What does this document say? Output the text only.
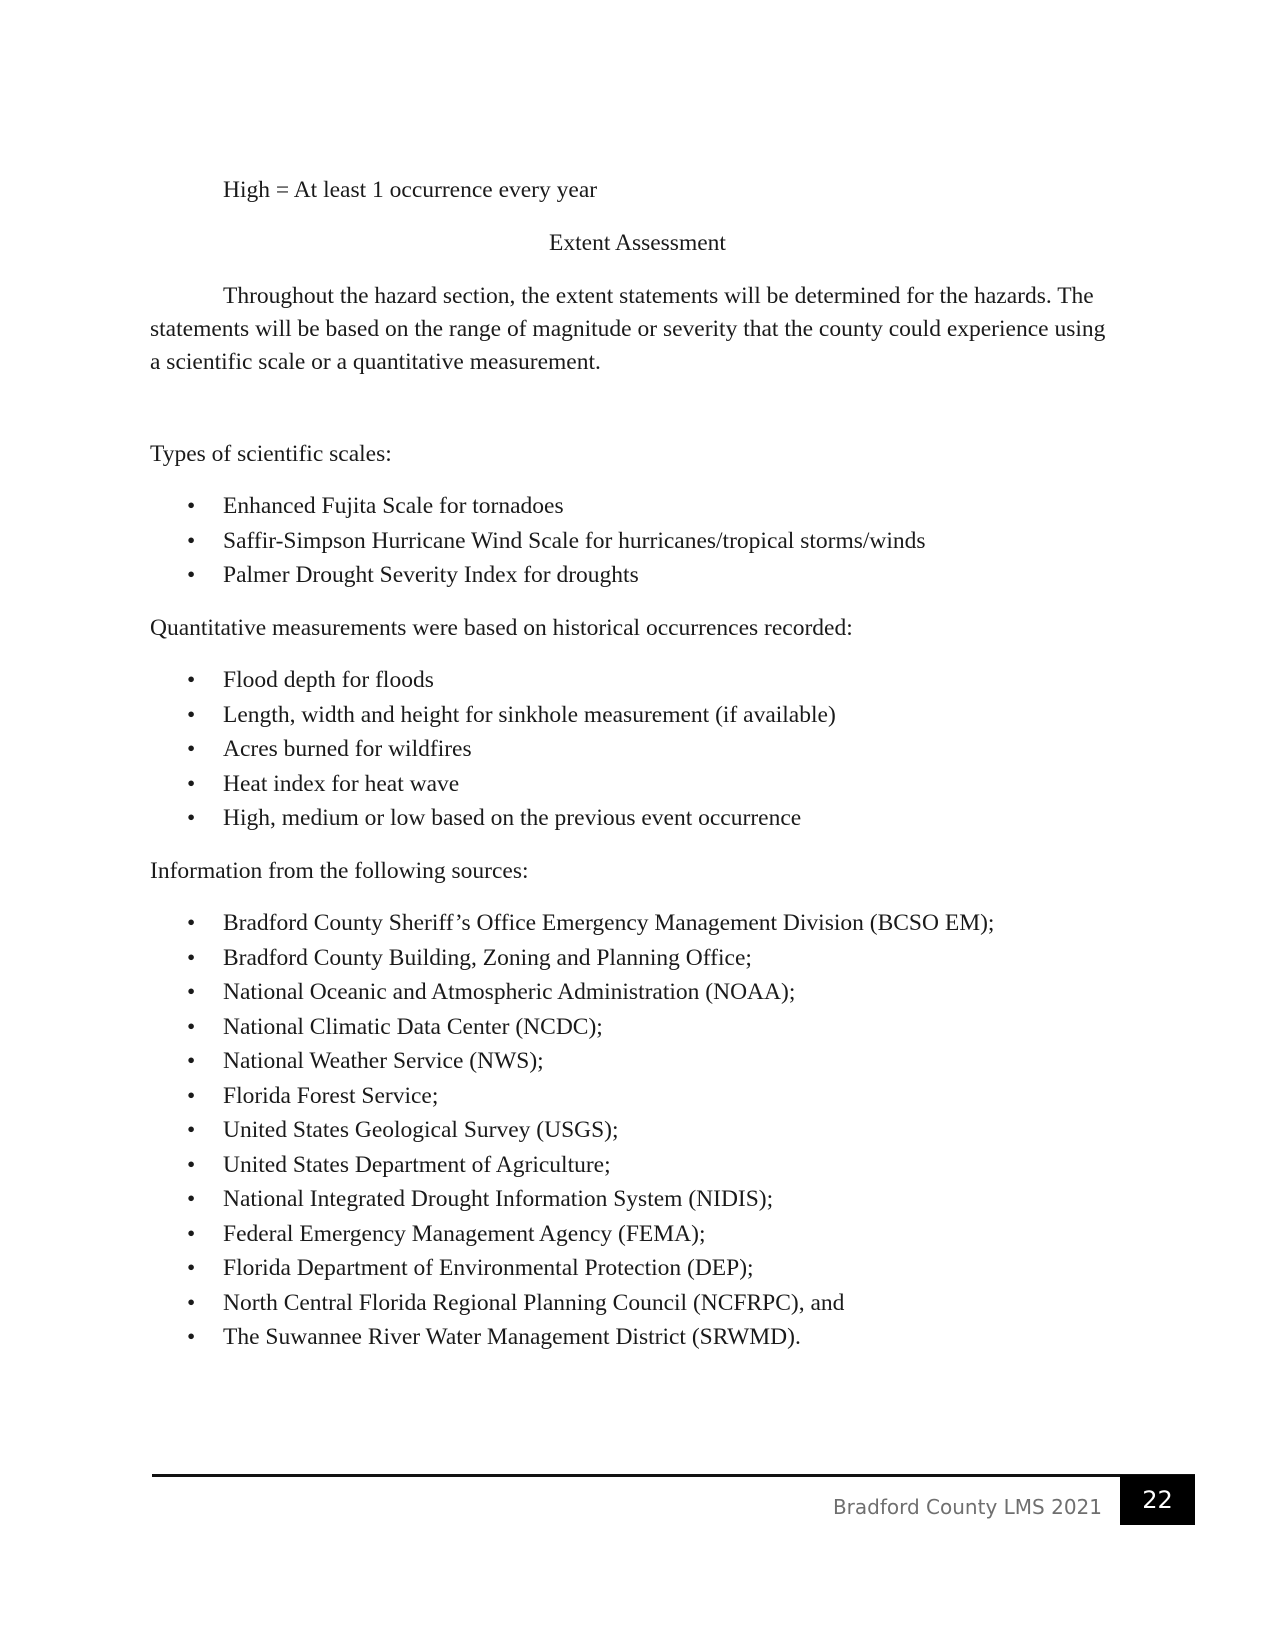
High = At least 1 occurrence every year
Extent Assessment

Throughout the hazard section, the extent statements will be determined for the hazards. The statements will be based on the range of magnitude or severity that the county could experience using a scientific scale or a quantitative measurement.

Types of scientific scales:
• Enhanced Fujita Scale for tornadoes
• Saffir-Simpson Hurricane Wind Scale for hurricanes/tropical storms/winds
• Palmer Drought Severity Index for droughts
Quantitative measurements were based on historical occurrences recorded:
• Flood depth for floods
• Length, width and height for sinkhole measurement (if available)
• Acres burned for wildfires
• Heat index for heat wave
• High, medium or low based on the previous event occurrence
Information from the following sources:
• Bradford County Sheriff’s Office Emergency Management Division (BCSO EM);
• Bradford County Building, Zoning and Planning Office;
• National Oceanic and Atmospheric Administration (NOAA);
• National Climatic Data Center (NCDC);
• National Weather Service (NWS);
• Florida Forest Service;
• United States Geological Survey (USGS);
• United States Department of Agriculture;
• National Integrated Drought Information System (NIDIS);
• Federal Emergency Management Agency (FEMA);
• Florida Department of Environmental Protection (DEP);
• North Central Florida Regional Planning Council (NCFRPC), and
• The Suwannee River Water Management District (SRWMD).
Bradford County LMS 2021 22
